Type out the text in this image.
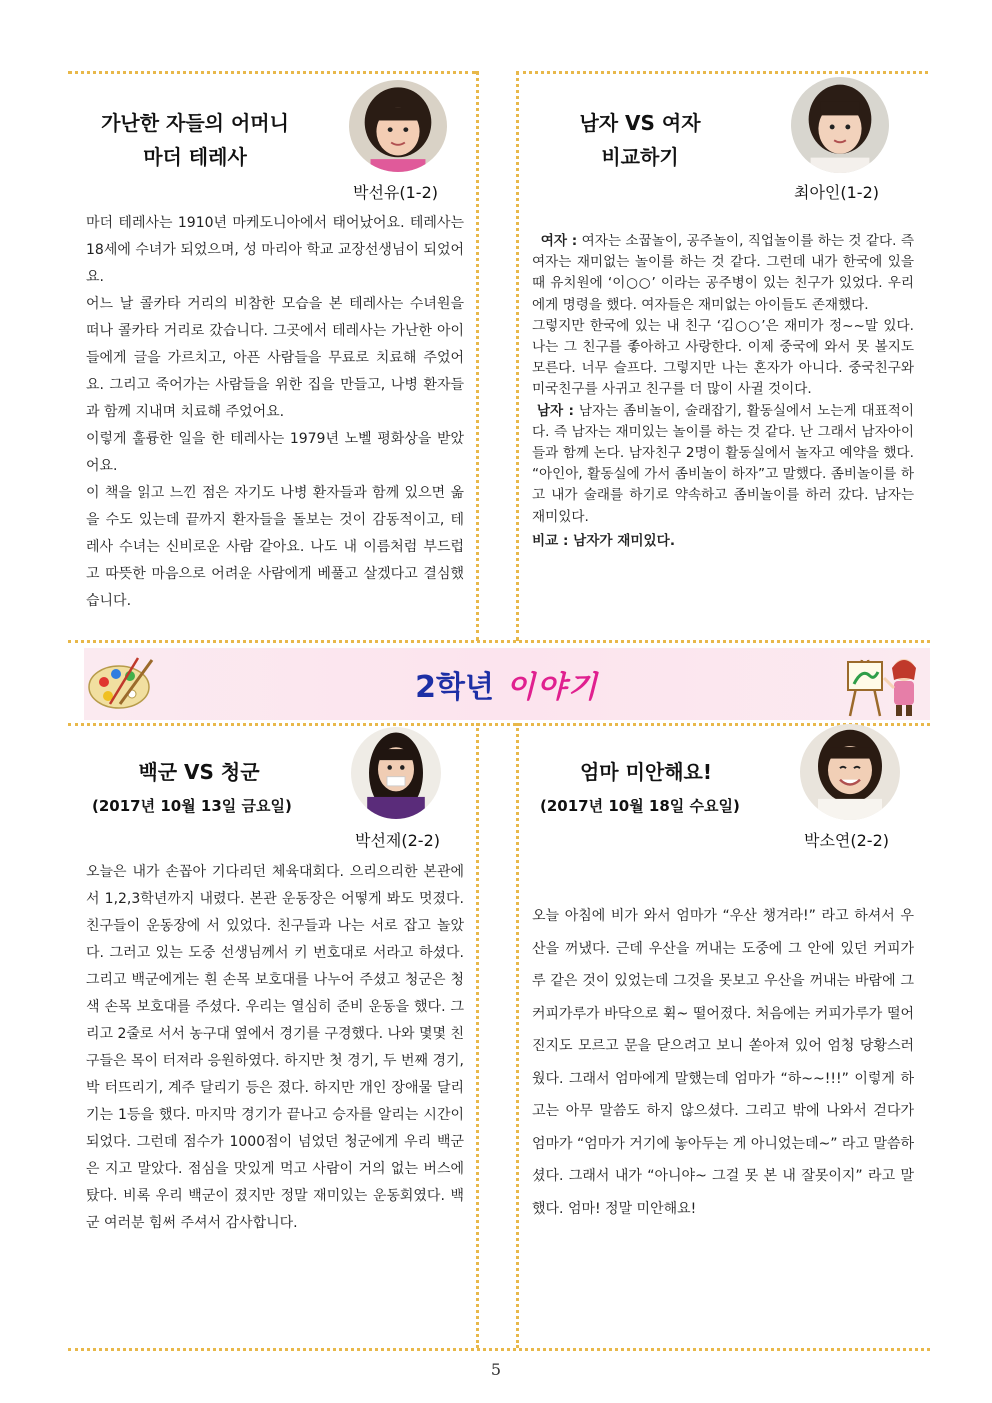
가난한 자들의 어머니
마더 테레사
박선유(1-2)

마더 테레사는 1910년 마케도니아에서 태어났어요. 테레사는 18세에 수녀가 되었으며, 성 마리아 학교 교장선생님이 되었어요.

어느 날 콜카타 거리의 비참한 모습을 본 테레사는 수녀원을 떠나 콜카타 거리로 갔습니다. 그곳에서 테레사는 가난한 아이들에게 글을 가르치고, 아픈 사람들을 무료로 치료해 주었어요. 그리고 죽어가는 사람들을 위한 집을 만들고, 나병 환자들과 함께 지내며 치료해 주었어요.

이렇게 훌륭한 일을 한 테레사는 1979년 노벨 평화상을 받았어요.

이 책을 읽고 느낀 점은 자기도 나병 환자들과 함께 있으면 옮을 수도 있는데 끝까지 환자들을 돌보는 것이 감동적이고, 테레사 수녀는 신비로운 사람 같아요. 나도 내 이름처럼 부드럽고 따뜻한 마음으로 어려운 사람에게 베풀고 살겠다고 결심했습니다.

남자 VS 여자
비교하기
최아인(1-2)

여자 : 여자는 소꿉놀이, 공주놀이, 직업놀이를 하는 것 같다. 즉 여자는 재미없는 놀이를 하는 것 같다. 그런데 내가 한국에 있을 때 유치원에 ‘이○○’ 이라는 공주병이 있는 친구가 있었다. 우리에게 명령을 했다. 여자들은 재미없는 아이들도 존재했다.

그렇지만 한국에 있는 내 친구 ‘김○○’은 재미가 정~~말 있다. 나는 그 친구를 좋아하고 사랑한다. 이제 중국에 와서 못 볼지도 모른다. 너무 슬프다. 그렇지만 나는 혼자가 아니다. 중국친구와 미국친구를 사귀고 친구를 더 많이 사귈 것이다.

남자 : 남자는 좀비놀이, 술래잡기, 활동실에서 노는게 대표적이다. 즉 남자는 재미있는 놀이를 하는 것 같다. 난 그래서 남자아이들과 함께 논다. 남자친구 2명이 활동실에서 놀자고 예약을 했다. “아인아, 활동실에 가서 좀비놀이 하자”고 말했다. 좀비놀이를 하고 내가 술래를 하기로 약속하고 좀비놀이를 하러 갔다. 남자는 재미있다.

비교 : 남자가 재미있다.

2학년 이야기
백군 VS 청군
(2017년 10월 13일 금요일)
박선제(2-2)
오늘은 내가 손꼽아 기다리던 체육대회다. 으리으리한 본관에서 1,2,3학년까지 내렸다. 본관 운동장은 어떻게 봐도 멋졌다. 친구들이 운동장에 서 있었다. 친구들과 나는 서로 잡고 놀았다. 그러고 있는 도중 선생님께서 키 번호대로 서라고 하셨다. 그리고 백군에게는 흰 손목 보호대를 나누어 주셨고 청군은 청색 손목 보호대를 주셨다. 우리는 열심히 준비 운동을 했다. 그리고 2줄로 서서 농구대 옆에서 경기를 구경했다. 나와 몇몇 친구들은 목이 터져라 응원하였다. 하지만 첫 경기, 두 번째 경기, 박 터뜨리기, 계주 달리기 등은 졌다. 하지만 개인 장애물 달리기는 1등을 했다. 마지막 경기가 끝나고 승자를 알리는 시간이 되었다. 그런데 점수가 1000점이 넘었던 청군에게 우리 백군은 지고 말았다. 점심을 맛있게 먹고 사람이 거의 없는 버스에 탔다. 비록 우리 백군이 졌지만 정말 재미있는 운동회였다. 백군 여러분 힘써 주셔서 감사합니다.
엄마 미안해요!
(2017년 10월 18일 수요일)
박소연(2-2)
오늘 아침에 비가 와서 엄마가 “우산 챙겨라!” 라고 하셔서 우산을 꺼냈다. 근데 우산을 꺼내는 도중에 그 안에 있던 커피가루 같은 것이 있었는데 그것을 못보고 우산을 꺼내는 바람에 그 커피가루가 바닥으로 휙~ 떨어졌다. 처음에는 커피가루가 떨어진지도 모르고 문을 닫으려고 보니 쏟아져 있어 엄청 당황스러웠다. 그래서 엄마에게 말했는데 엄마가 “하~~!!!” 이렇게 하고는 아무 말씀도 하지 않으셨다. 그리고 밖에 나와서 걷다가 엄마가 “엄마가 거기에 놓아두는 게 아니었는데~” 라고 말씀하셨다. 그래서 내가 “아니야~ 그걸 못 본 내 잘못이지” 라고 말했다. 엄마! 정말 미안해요!
5
